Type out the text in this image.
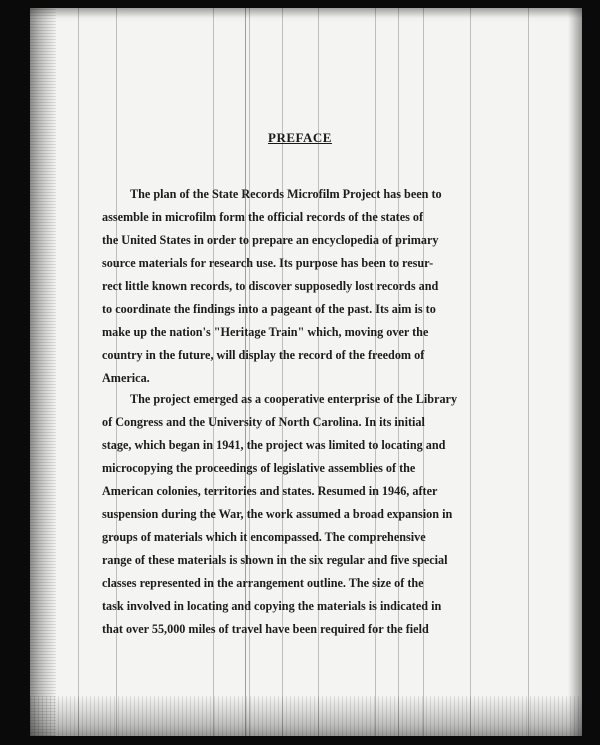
PREFACE

The plan of the State Records Microfilm Project has been to
assemble in microfilm form the official records of the states of
the United States in order to prepare an encyclopedia of primary
source materials for research use. Its purpose has been to resur-
rect little known records, to discover supposedly lost records and
to coordinate the findings into a pageant of the past. Its aim is to
make up the nation's "Heritage Train" which, moving over the
country in the future, will display the record of the freedom of
America.

The project emerged as a cooperative enterprise of the Library
of Congress and the University of North Carolina. In its initial
stage, which began in 1941, the project was limited to locating and
microcopying the proceedings of legislative assemblies of the
American colonies, territories and states. Resumed in 1946, after
suspension during the War, the work assumed a broad expansion in
groups of materials which it encompassed. The comprehensive
range of these materials is shown in the six regular and five special
classes represented in the arrangement outline. The size of the
task involved in locating and copying the materials is indicated in
that over 55,000 miles of travel have been required for the field
